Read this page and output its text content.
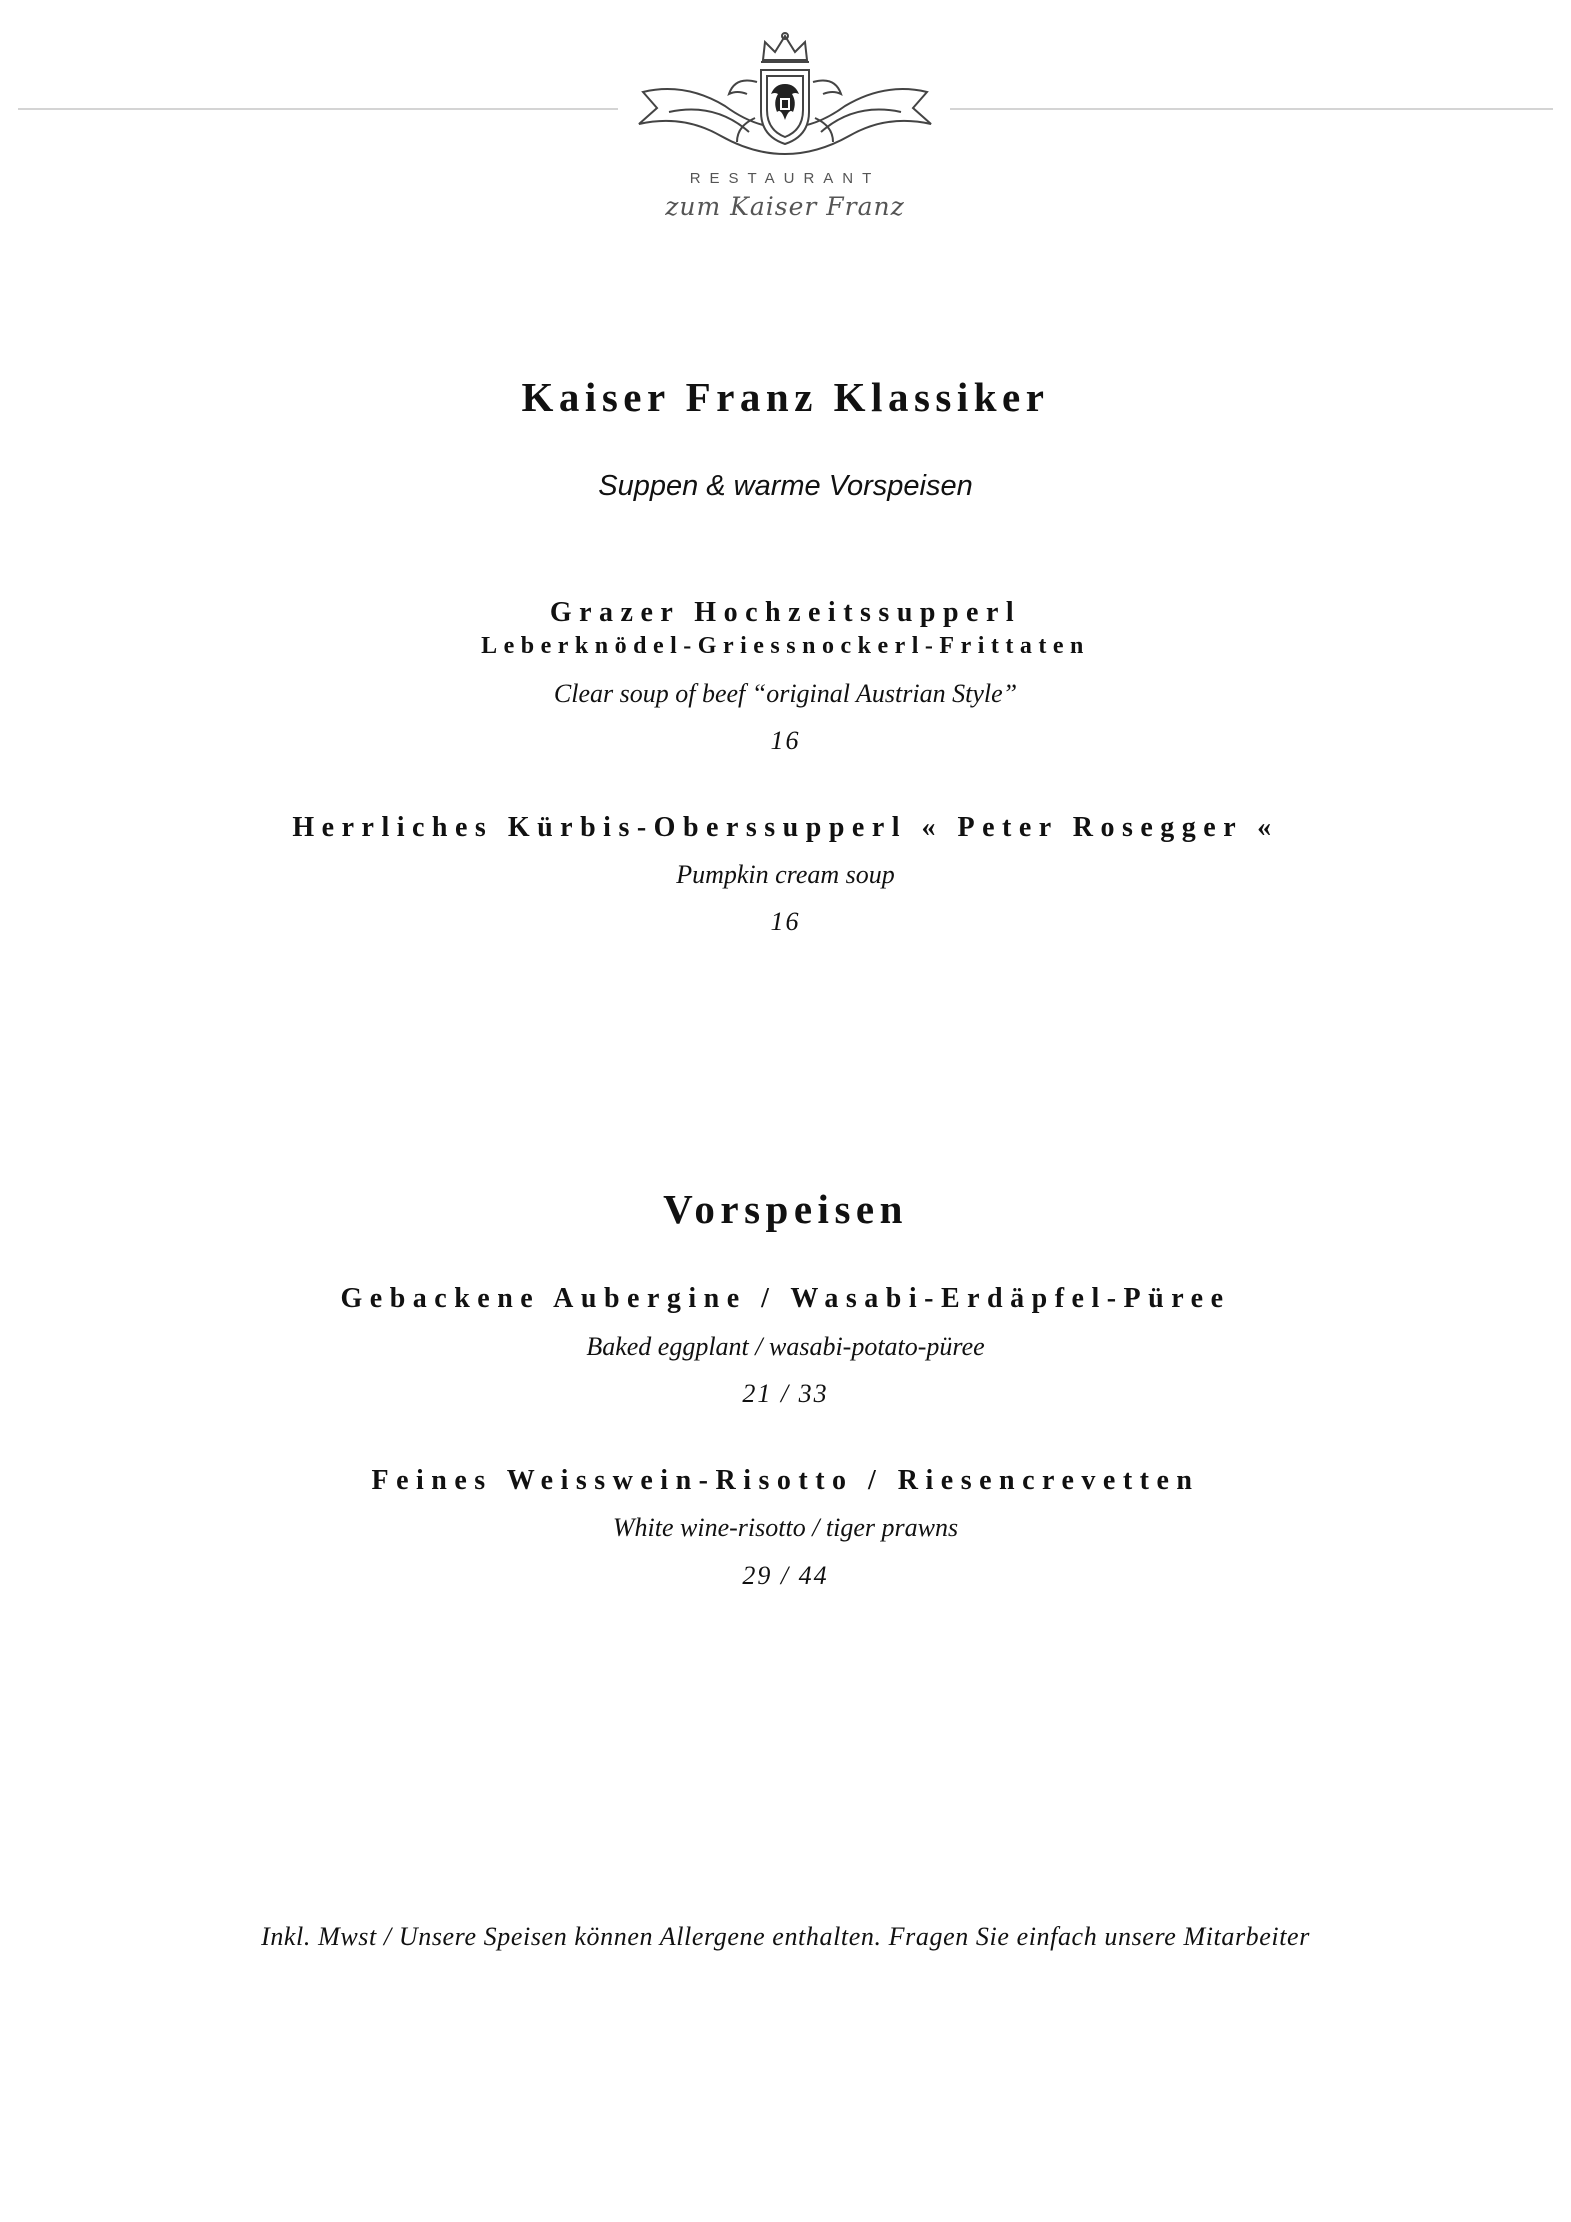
RESTAURANT
zum Kaiser Franz
Kaiser Franz Klassiker
Suppen & warme Vorspeisen
Grazer Hochzeitssupperl
Leberknödel-Griessnockerl-Frittaten
Clear soup of beef “original Austrian Style”
16
Herrliches Kürbis-Oberssupperl « Peter Rosegger «
Pumpkin cream soup
16
Vorspeisen
Gebackene Aubergine / Wasabi-Erdäpfel-Püree
Baked eggplant / wasabi-potato-püree
21 / 33
Feines Weisswein-Risotto / Riesencrevetten
White wine-risotto / tiger prawns
29 / 44
Inkl. Mwst / Unsere Speisen können Allergene enthalten. Fragen Sie einfach unsere Mitarbeiter
